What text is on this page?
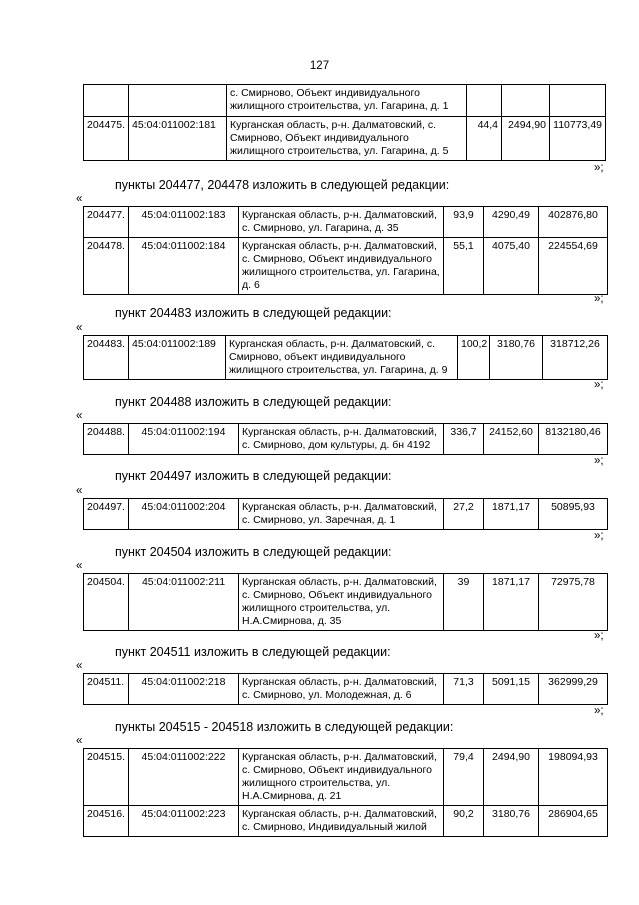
127
		с. Смирново, Объект индивидуального жилищного строительства, ул. Гагарина, д. 1			
204475.	45:04:011002:181	Курганская область, р-н. Далматовский, с. Смирново, Объект индивидуального жилищного строительства, ул. Гагарина, д. 5	44,4	2494,90	110773,49
»;
пункты 204477, 204478 изложить в следующей редакции:
«
204477.	45:04:011002:183	Курганская область, р-н. Далматовский, с. Смирново, ул. Гагарина, д. 35	93,9	4290,49	402876,80
204478.	45:04:011002:184	Курганская область, р-н. Далматовский, с. Смирново, Объект индивидуального жилищного строительства, ул. Гагарина, д. 6	55,1	4075,40	224554,69
»;
пункт 204483 изложить в следующей редакции:
«
204483.	45:04:011002:189	Курганская область, р-н. Далматовский, с. Смирново, объект индивидуального жилищного строительства, ул. Гагарина, д. 9	100,2	3180,76	318712,26
»;
пункт 204488 изложить в следующей редакции:
«
204488.	45:04:011002:194	Курганская область, р-н. Далматовский, с. Смирново, дом культуры, д. бн 4192	336,7	24152,60	8132180,46
»;
пункт 204497 изложить в следующей редакции:
«
204497.	45:04:011002:204	Курганская область, р-н. Далматовский, с. Смирново, ул. Заречная, д. 1	27,2	1871,17	50895,93
»;
пункт 204504 изложить в следующей редакции:
«
204504.	45:04:011002:211	Курганская область, р-н. Далматовский, с. Смирново, Объект индивидуального жилищного строительства, ул. Н.А.Смирнова, д. 35	39	1871,17	72975,78
»;
пункт 204511 изложить в следующей редакции:
«
204511.	45:04:011002:218	Курганская область, р-н. Далматовский, с. Смирново, ул. Молодежная, д. 6	71,3	5091,15	362999,29
»;
пункты 204515 - 204518 изложить в следующей редакции:
«
204515.	45:04:011002:222	Курганская область, р-н. Далматовский, с. Смирново, Объект индивидуального жилищного строительства, ул. Н.А.Смирнова, д. 21	79,4	2494,90	198094,93
204516.	45:04:011002:223	Курганская область, р-н. Далматовский, с. Смирново, Индивидуальный жилой	90,2	3180,76	286904,65
